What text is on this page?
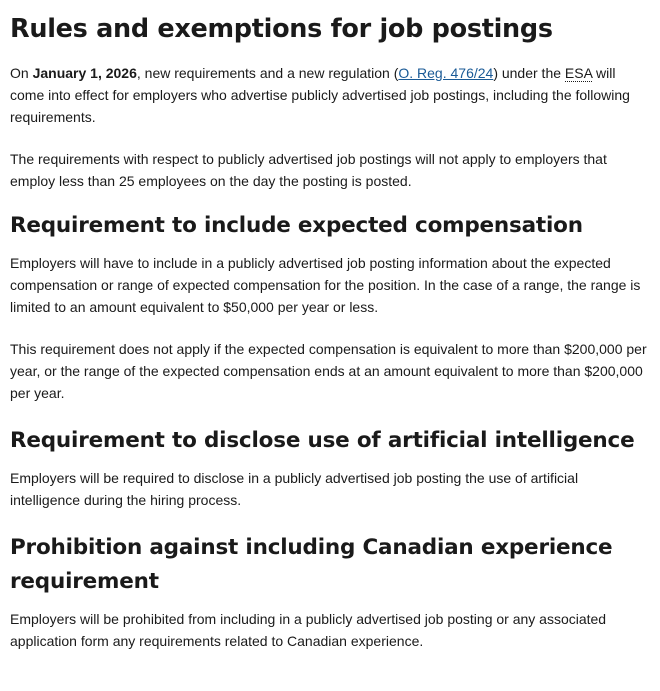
Rules and exemptions for job postings

On January 1, 2026, new requirements and a new regulation (O. Reg. 476/24) under the ESA will come into effect for employers who advertise publicly advertised job postings, including the following requirements.

The requirements with respect to publicly advertised job postings will not apply to employers that employ less than 25 employees on the day the posting is posted.

Requirement to include expected compensation

Employers will have to include in a publicly advertised job posting information about the expected compensation or range of expected compensation for the position. In the case of a range, the range is limited to an amount equivalent to $50,000 per year or less.

This requirement does not apply if the expected compensation is equivalent to more than $200,000 per year, or the range of the expected compensation ends at an amount equivalent to more than $200,000 per year.

Requirement to disclose use of artificial intelligence

Employers will be required to disclose in a publicly advertised job posting the use of artificial intelligence during the hiring process.

Prohibition against including Canadian experience requirement

Employers will be prohibited from including in a publicly advertised job posting or any associated application form any requirements related to Canadian experience.
